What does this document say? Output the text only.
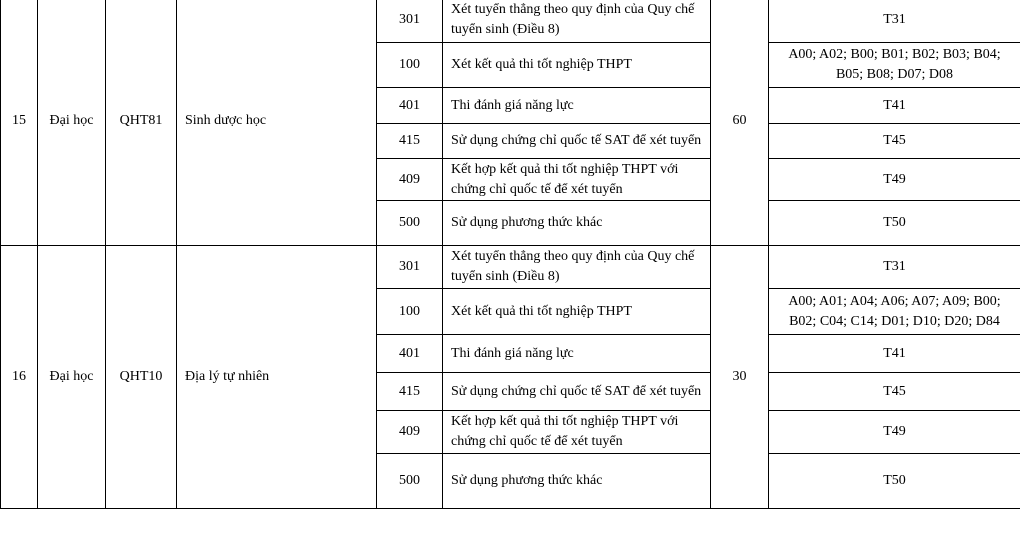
15	Đại học	QHT81	Sinh dược học	301	Xét tuyển thẳng theo quy định của Quy chế tuyển sinh (Điều 8)	60	T31
				100	Xét kết quả thi tốt nghiệp THPT		A00; A02; B00; B01; B02; B03; B04; B05; B08; D07; D08
				401	Thi đánh giá năng lực		T41
				415	Sử dụng chứng chỉ quốc tế SAT để xét tuyển		T45
				409	Kết hợp kết quả thi tốt nghiệp THPT với chứng chỉ quốc tế để xét tuyển		T49
				500	Sử dụng phương thức khác		T50
16	Đại học	QHT10	Địa lý tự nhiên	301	Xét tuyển thẳng theo quy định của Quy chế tuyển sinh (Điều 8)	30	T31
				100	Xét kết quả thi tốt nghiệp THPT		A00; A01; A04; A06; A07; A09; B00; B02; C04; C14; D01; D10; D20; D84
				401	Thi đánh giá năng lực		T41
				415	Sử dụng chứng chỉ quốc tế SAT để xét tuyển		T45
				409	Kết hợp kết quả thi tốt nghiệp THPT với chứng chỉ quốc tế để xét tuyển		T49
				500	Sử dụng phương thức khác		T50
